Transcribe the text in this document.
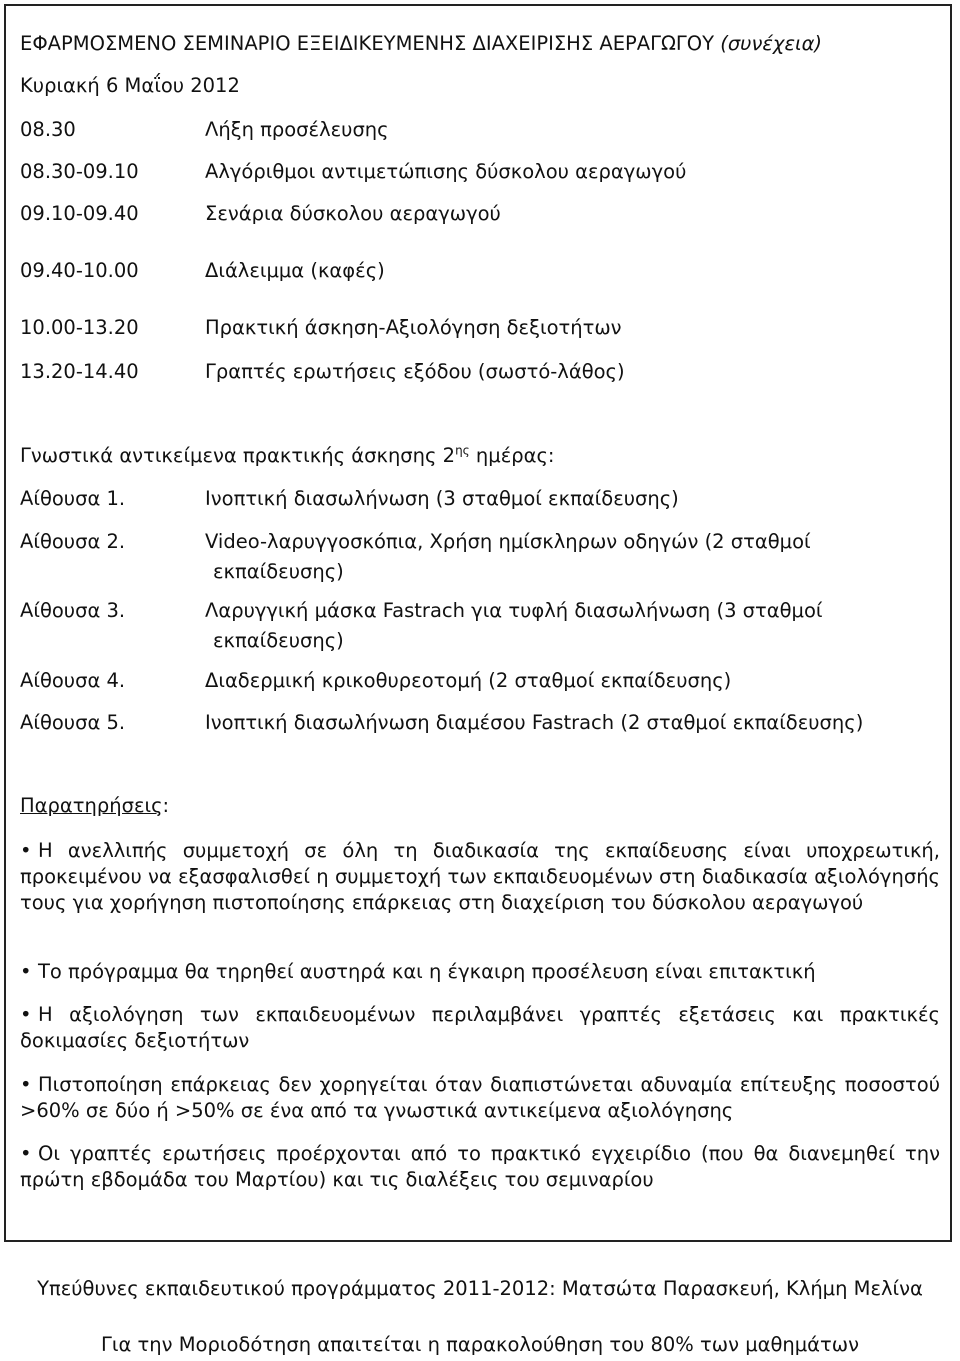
ΕΦΑΡΜΟΣΜΕΝΟ ΣΕΜΙΝΑΡΙΟ ΕΞΕΙΔΙΚΕΥΜΕΝΗΣ ΔΙΑΧΕΙΡΙΣΗΣ ΑΕΡΑΓΩΓΟΥ (συνέχεια)
Κυριακή 6 Μαΐου 2012
08.30	Λήξη προσέλευσης
08.30-09.10	Αλγόριθμοι αντιμετώπισης δύσκολου αεραγωγού
09.10-09.40	Σενάρια δύσκολου αεραγωγού
09.40-10.00	Διάλειμμα (καφές)
10.00-13.20	Πρακτική άσκηση-Αξιολόγηση δεξιοτήτων
13.20-14.40	Γραπτές ερωτήσεις εξόδου (σωστό-λάθος)
Γνωστικά αντικείμενα πρακτικής άσκησης $2^{\eta\varsigma}$ ημέρας:
Αίθουσα 1.	Ινοπτική διασωλήνωση (3 σταθμοί εκπαίδευσης)
Αίθουσα 2.	Video-λαρυγγοσκόπια, Χρήση ημίσκληρων οδηγών (2 σταθμοί
εκπαίδευσης)
Αίθουσα 3.	Λαρυγγική μάσκα Fastrach για τυφλή διασωλήνωση (3 σταθμοί
εκπαίδευσης)
Αίθουσα 4.	Διαδερμική κρικοθυρεοτομή (2 σταθμοί εκπαίδευσης)
Αίθουσα 5.	Ινοπτική διασωλήνωση διαμέσου Fastrach (2 σταθμοί εκπαίδευσης)
Παρατηρήσεις:
• Η ανελλιπής συμμετοχή σε όλη τη διαδικασία της εκπαίδευσης είναι υποχρεωτική, προκειμένου να εξασφαλισθεί η συμμετοχή των εκπαιδευομένων στη διαδικασία αξιολόγησής τους για χορήγηση πιστοποίησης επάρκειας στη διαχείριση του δύσκολου αεραγωγού
• Το πρόγραμμα θα τηρηθεί αυστηρά και η έγκαιρη προσέλευση είναι επιτακτική
• Η αξιολόγηση των εκπαιδευομένων περιλαμβάνει γραπτές εξετάσεις και πρακτικές δοκιμασίες δεξιοτήτων
• Πιστοποίηση επάρκειας δεν χορηγείται όταν διαπιστώνεται αδυναμία επίτευξης ποσοστού >60% σε δύο ή >50% σε ένα από τα γνωστικά αντικείμενα αξιολόγησης
• Οι γραπτές ερωτήσεις προέρχονται από το πρακτικό εγχειρίδιο (που θα διανεμηθεί την πρώτη εβδομάδα του Μαρτίου) και τις διαλέξεις του σεμιναρίου
Υπεύθυνες εκπαιδευτικού προγράμματος 2011-2012: Ματσώτα Παρασκευή, Κλήμη Μελίνα
Για την Μοριοδότηση απαιτείται η παρακολούθηση του 80% των μαθημάτων
